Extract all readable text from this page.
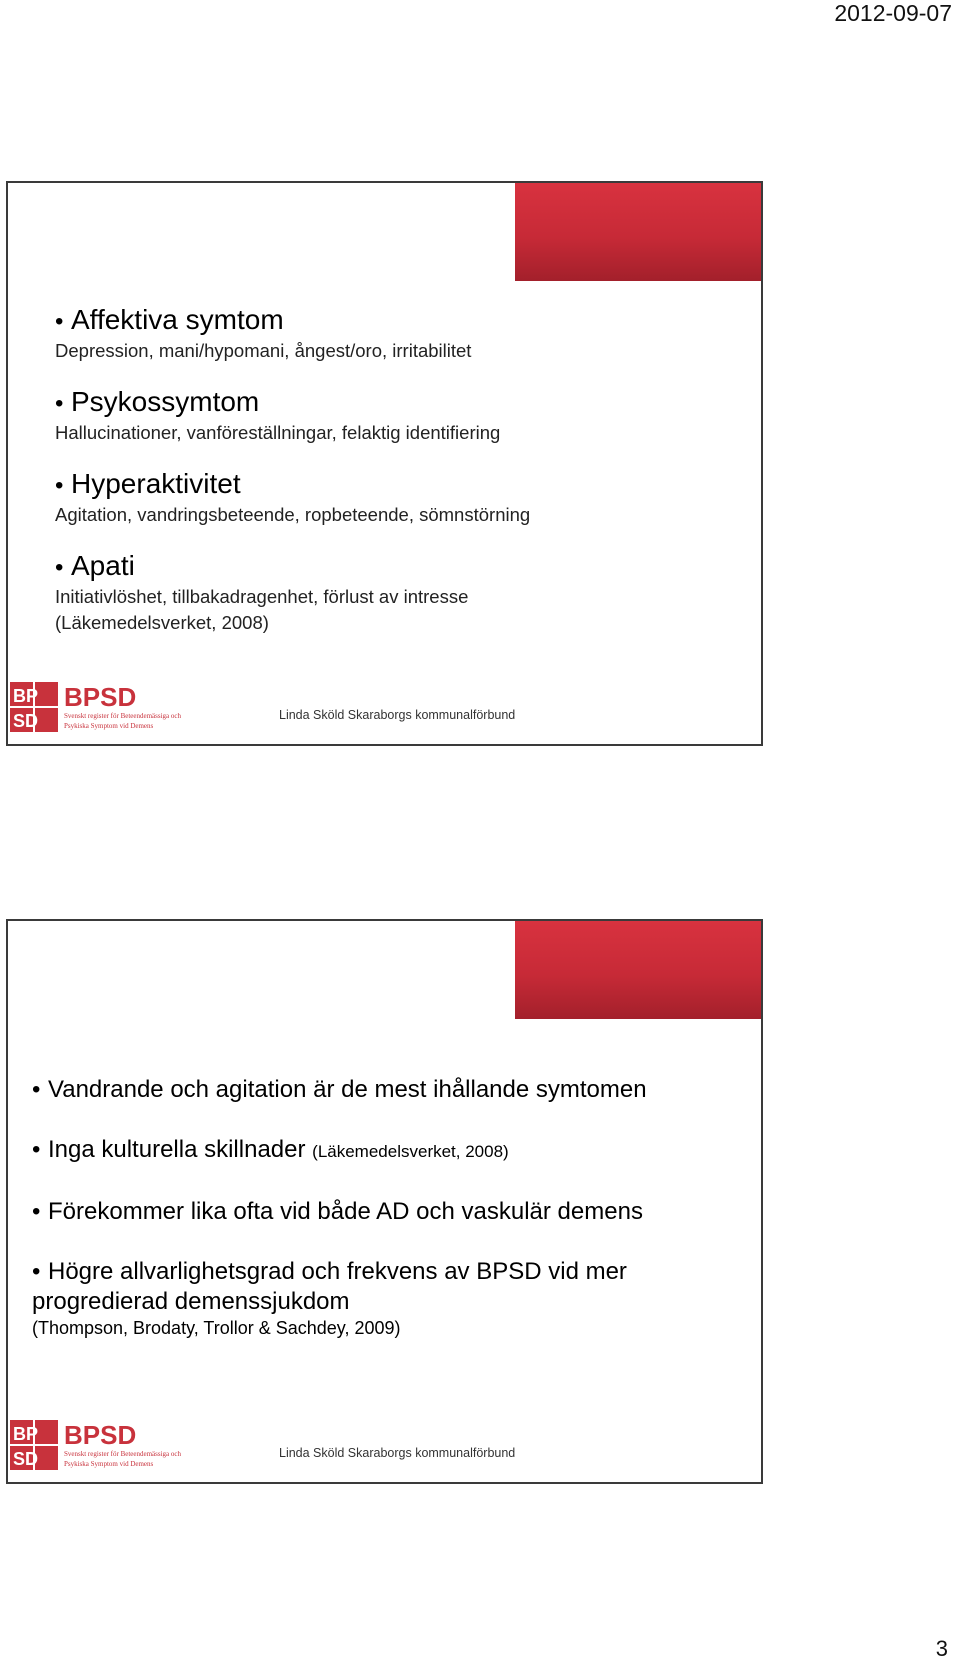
2012-09-07
• Affektiva symtom
Depression, mani/hypomani, ångest/oro, irritabilitet
• Psykossymtom
Hallucinationer, vanföreställningar, felaktig identifiering
• Hyperaktivitet
Agitation, vandringsbeteende, ropbeteende, sömnstörning
• Apati
Initiativlöshet, tillbakadragenhet, förlust av intresse
(Läkemedelsverket, 2008)
BP
SD
BPSD
Svenskt register för Beteendemässiga och
Psykiska Symptom vid Demens
Linda Sköld Skaraborgs kommunalförbund
• Vandrande och agitation är de mest ihållande symtomen
• Inga kulturella skillnader (Läkemedelsverket, 2008)
• Förekommer lika ofta vid både AD och vaskulär demens
• Högre allvarlighetsgrad och frekvens av BPSD vid mer progredierad demenssjukdom
(Thompson, Brodaty, Trollor & Sachdey, 2009)
BP
SD
BPSD
Svenskt register för Beteendemässiga och
Psykiska Symptom vid Demens
Linda Sköld Skaraborgs kommunalförbund
3
